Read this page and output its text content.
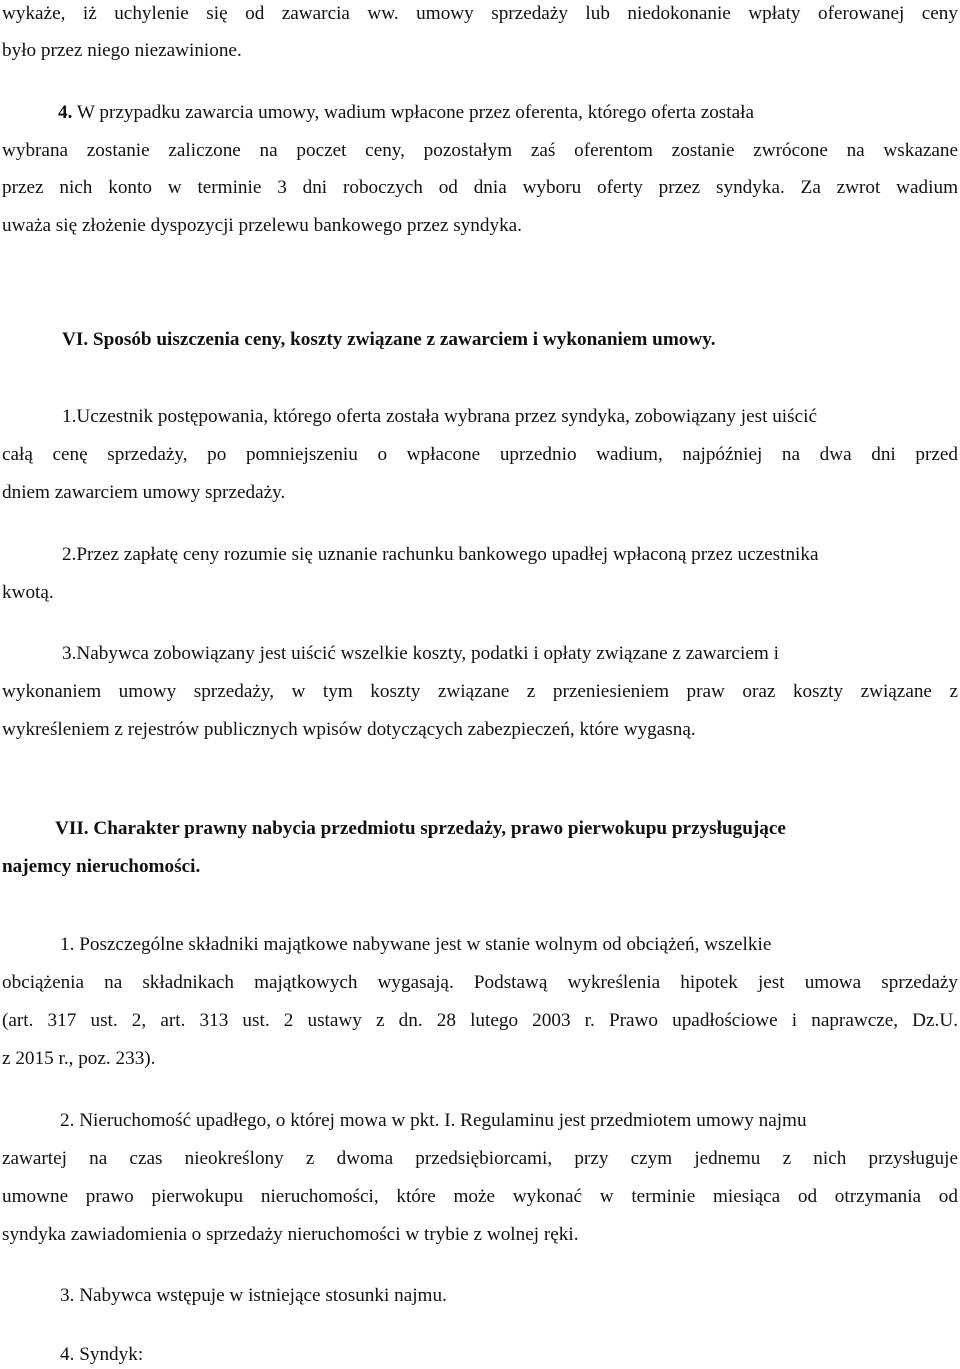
wykaże, iż uchylenie się od zawarcia ww. umowy sprzedaży lub niedokonanie wpłaty oferowanej ceny
było przez niego niezawinione.
4. W przypadku zawarcia umowy, wadium wpłacone przez oferenta, którego oferta została
wybrana zostanie zaliczone na poczet ceny, pozostałym zaś oferentom zostanie zwrócone na wskazane
przez nich konto w terminie 3 dni roboczych od dnia wyboru oferty przez syndyka. Za zwrot wadium
uważa się złożenie dyspozycji przelewu bankowego przez syndyka.
VI. Sposób uiszczenia ceny, koszty związane z zawarciem i wykonaniem umowy.
1.Uczestnik postępowania, którego oferta została wybrana przez syndyka, zobowiązany jest uiścić
całą cenę sprzedaży, po pomniejszeniu o wpłacone uprzednio wadium, najpóźniej na dwa dni przed
dniem zawarciem umowy sprzedaży.
2.Przez zapłatę ceny rozumie się uznanie rachunku bankowego upadłej wpłaconą przez uczestnika
kwotą.
3.Nabywca zobowiązany jest uiścić wszelkie koszty, podatki i opłaty związane z zawarciem i
wykonaniem umowy sprzedaży, w tym koszty związane z przeniesieniem praw oraz koszty związane z
wykreśleniem z rejestrów publicznych wpisów dotyczących zabezpieczeń, które wygasną.
VII. Charakter prawny nabycia przedmiotu sprzedaży, prawo pierwokupu przysługujące
najemcy nieruchomości.
1. Poszczególne składniki majątkowe nabywane jest w stanie wolnym od obciążeń, wszelkie
obciążenia na składnikach majątkowych wygasają. Podstawą wykreślenia hipotek jest umowa sprzedaży
(art. 317 ust. 2, art. 313 ust. 2 ustawy z dn. 28 lutego 2003 r. Prawo upadłościowe i naprawcze, Dz.U.
z 2015 r., poz. 233).
2. Nieruchomość upadłego, o której mowa w pkt. I. Regulaminu jest przedmiotem umowy najmu
zawartej na czas nieokreślony z dwoma przedsiębiorcami, przy czym jednemu z nich przysługuje
umowne prawo pierwokupu nieruchomości, które może wykonać w terminie miesiąca od otrzymania od
syndyka zawiadomienia o sprzedaży nieruchomości w trybie z wolnej ręki.
3. Nabywca wstępuje w istniejące stosunki najmu.
4. Syndyk:
